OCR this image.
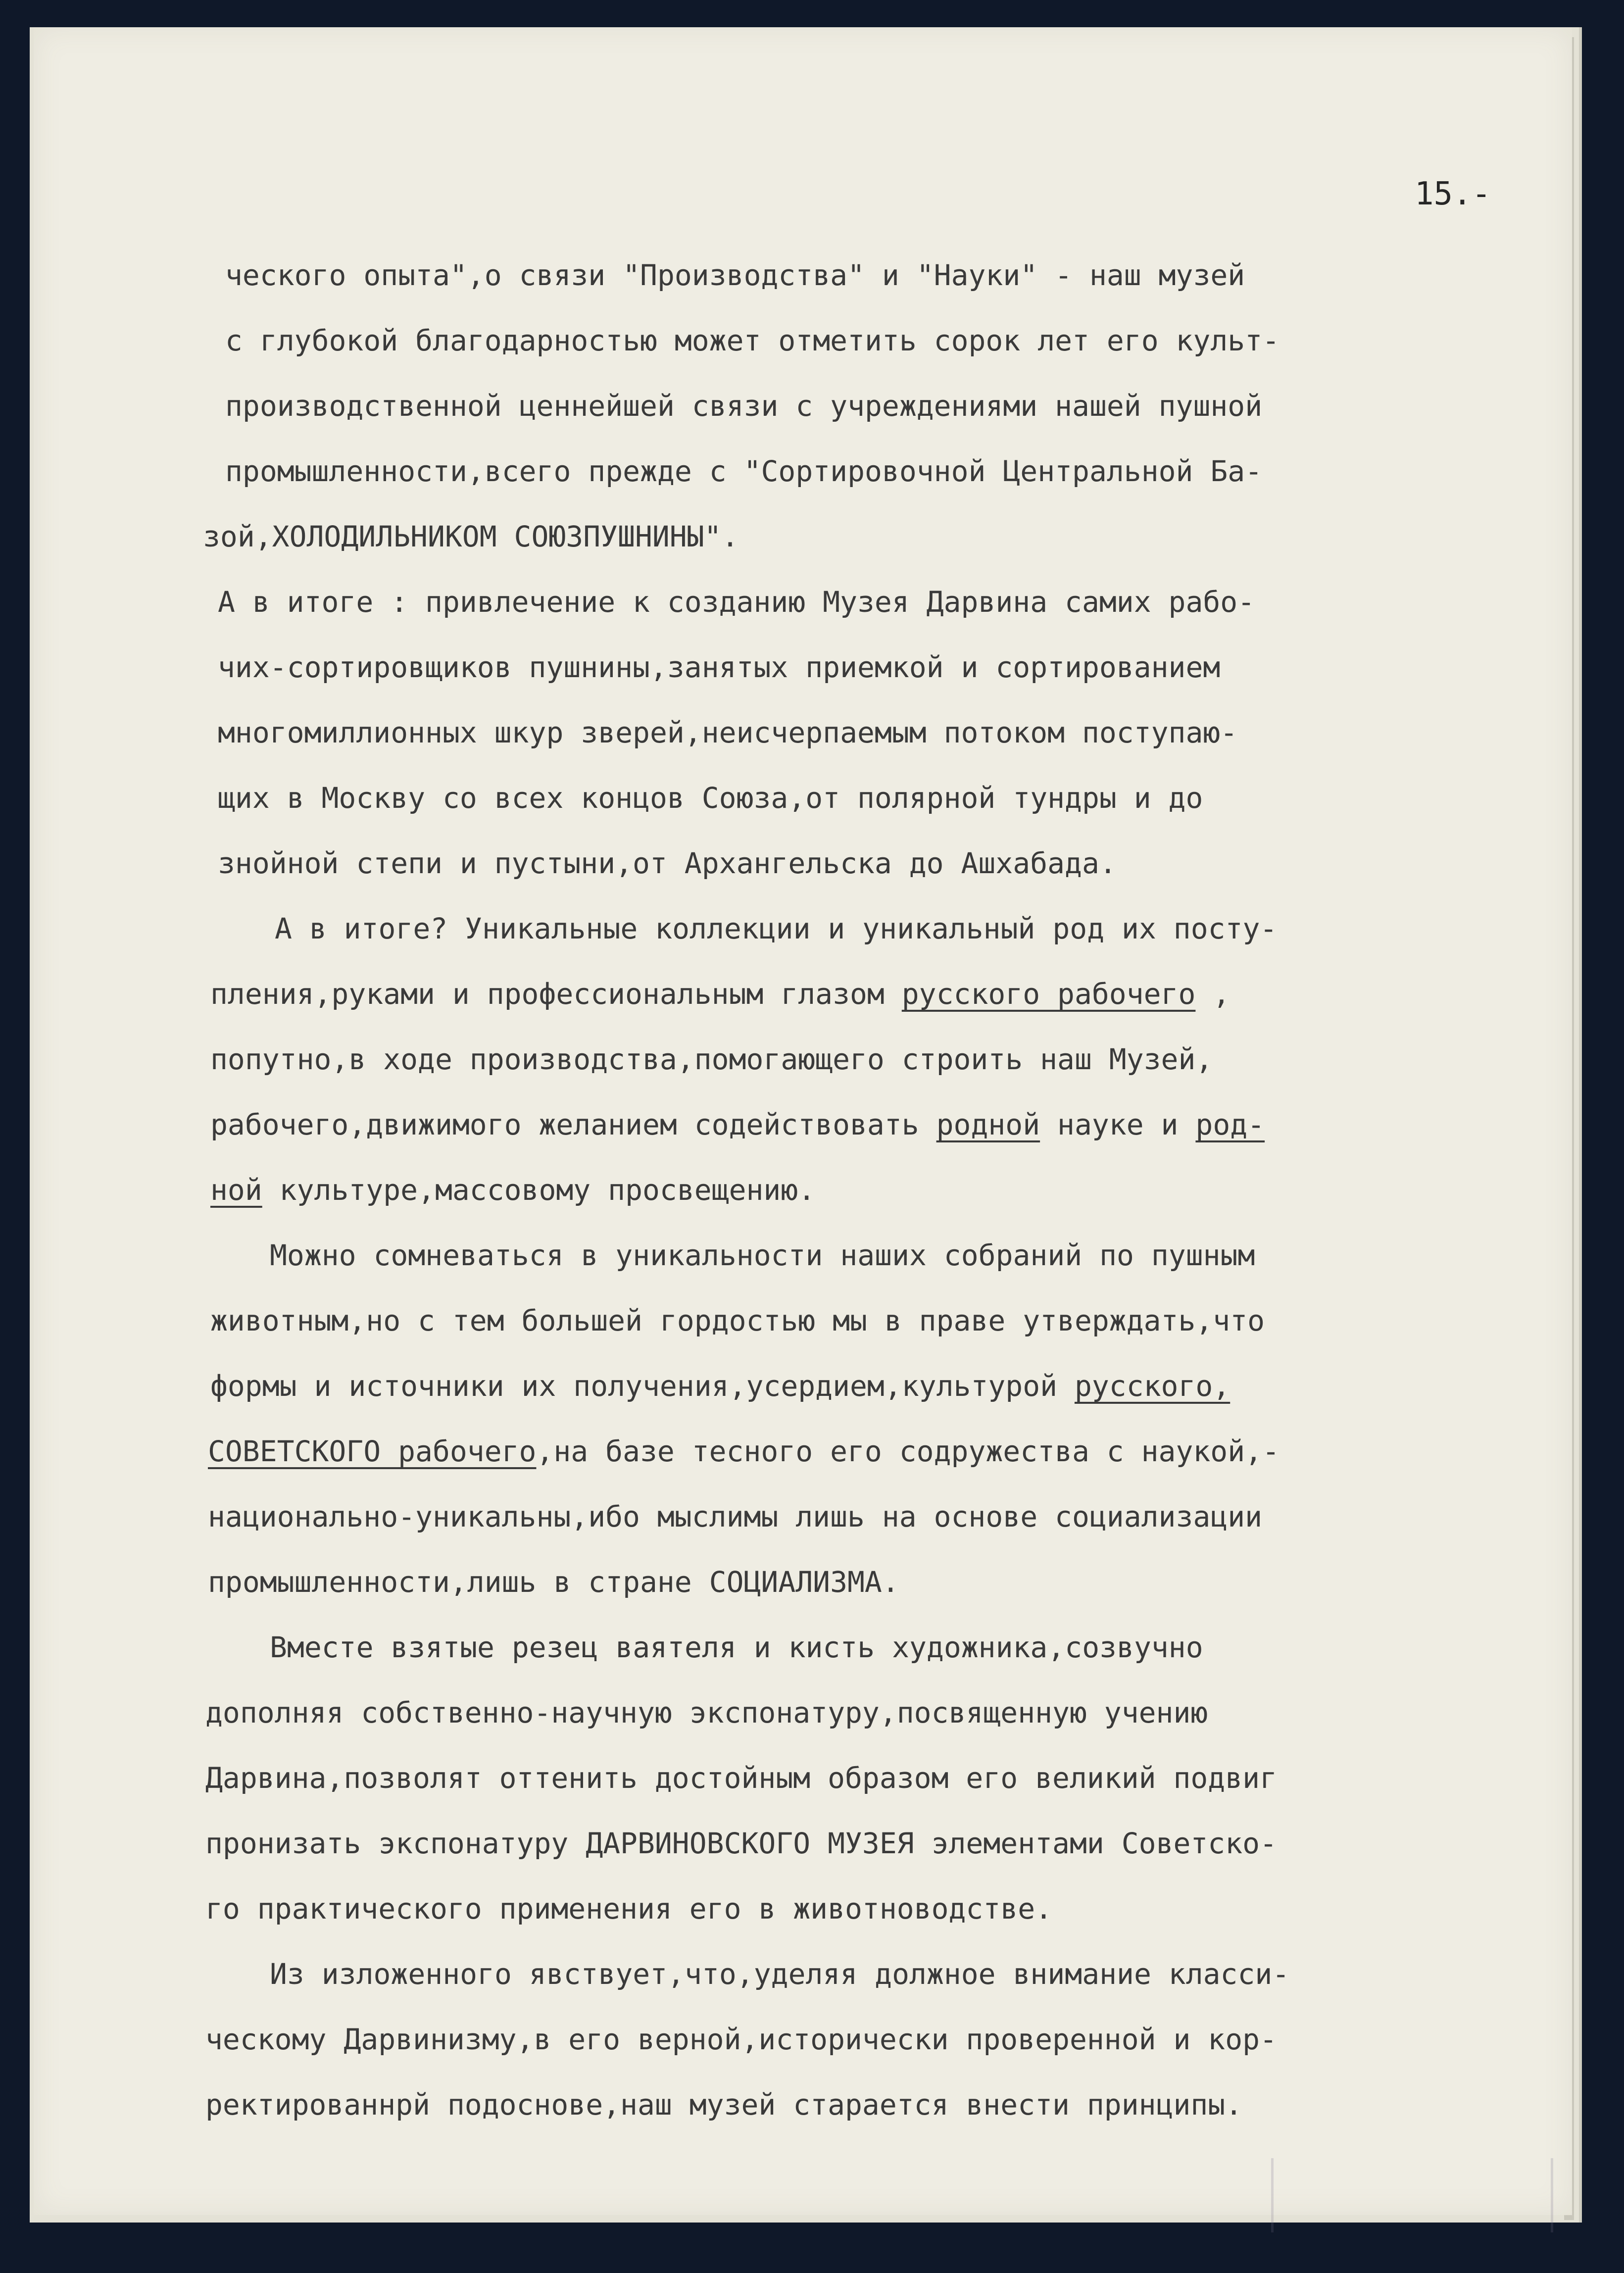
15.-
ческого опыта",о связи "Производства" и "Науки" - наш музей
с глубокой благодарностью может отметить сорок лет его культ-
производственной ценнейшей связи с учреждениями нашей пушной
промышленности,всего прежде с "Сортировочной Центральной Ба-
зой,ХОЛОДИЛЬНИКОМ СОЮЗПУШНИНЫ".
А в итоге : привлечение к созданию Музея Дарвина самих рабо-
чих-сортировщиков пушнины,занятых приемкой и сортированием
многомиллионных шкур зверей,неисчерпаемым потоком поступаю-
щих в Москву со всех концов Союза,от полярной тундры и до
знойной степи и пустыни,от Архангельска до Ашхабада.
А в итоге? Уникальные коллекции и уникальный род их посту-
пления,руками и профессиональным глазом русского рабочего ,
попутно,в ходе производства,помогающего строить наш Музей,
рабочего,движимого желанием содействовать родной науке и род-
ной культуре,массовому просвещению.
Можно сомневаться в уникальности наших собраний по пушным
животным,но с тем большей гордостью мы в праве утверждать,что
формы и источники их получения,усердием,культурой русского,
СОВЕТСКОГО рабочего,на базе тесного его содружества с наукой,-
национально-уникальны,ибо мыслимы лишь на основе социализации
промышленности,лишь в стране СОЦИАЛИЗМА.
Вместе взятые резец ваятеля и кисть художника,созвучно
дополняя собственно-научную экспонатуру,посвященную учению
Дарвина,позволят оттенить достойным образом его великий подвиг
пронизать экспонатуру ДАРВИНОВСКОГО МУЗЕЯ элементами Советско-
го практического применения его в животноводстве.
Из изложенного явствует,что,уделяя должное внимание класси-
ческому Дарвинизму,в его верной,исторически проверенной и кор-
ректированнрй подоснове,наш музей старается внести принципы.
